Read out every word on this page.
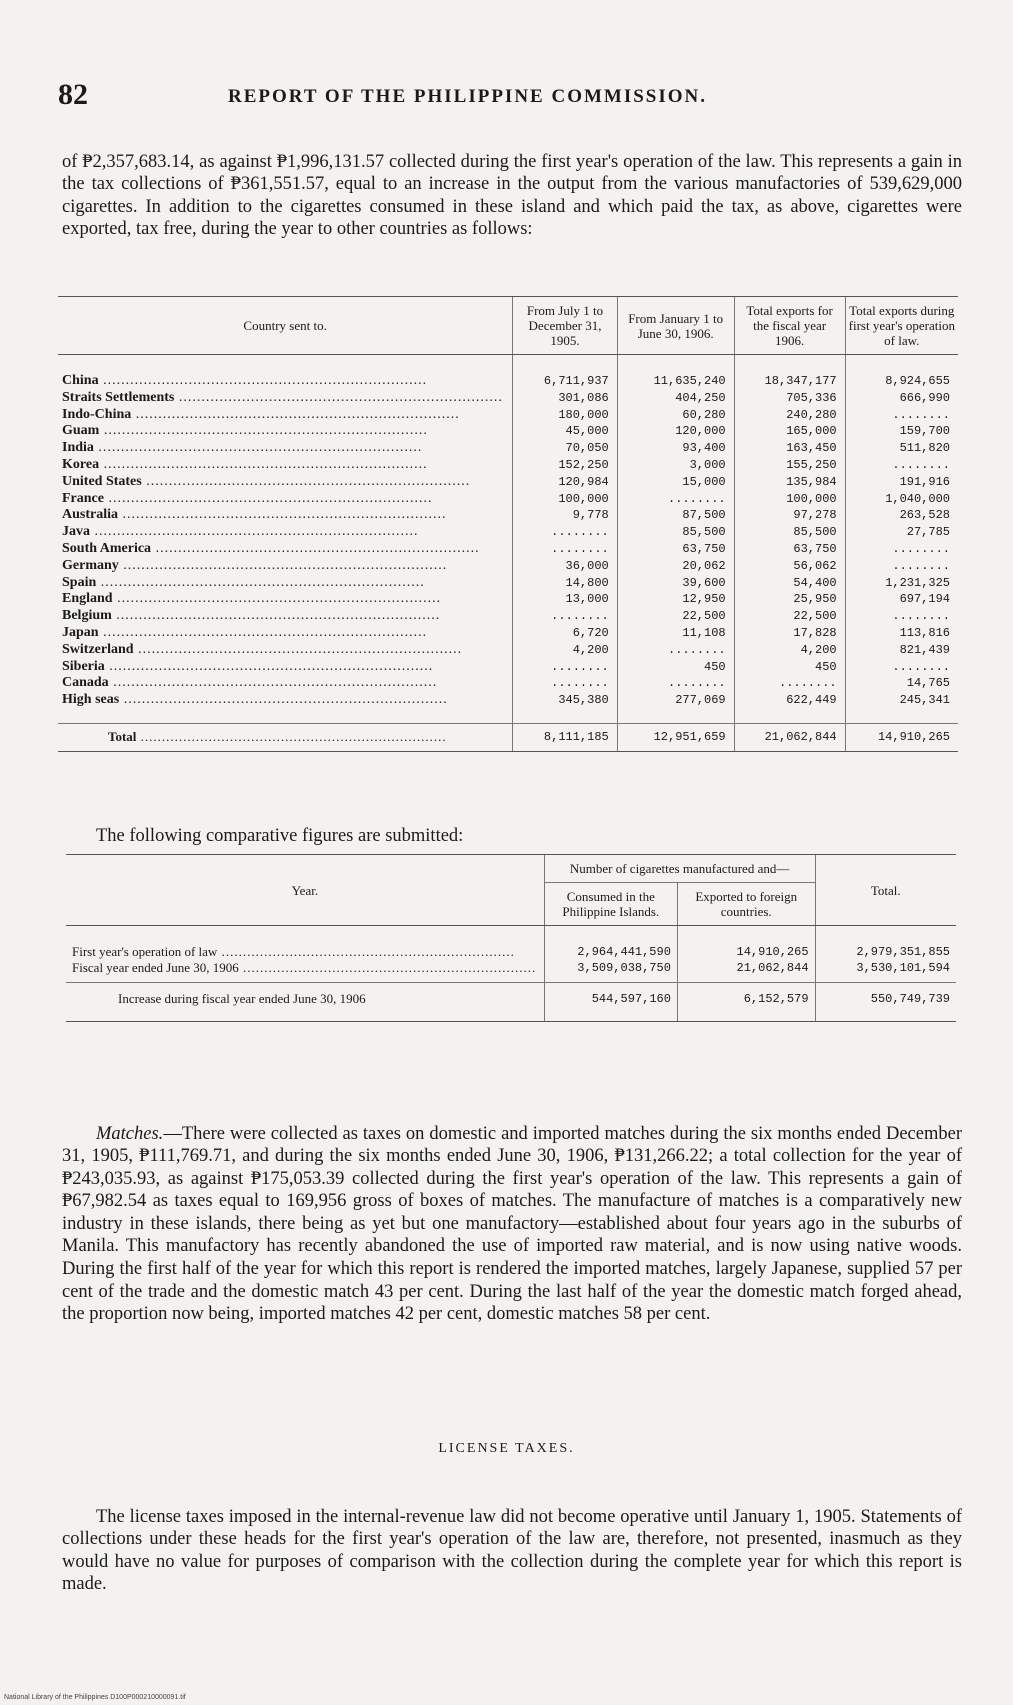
82	REPORT OF THE PHILIPPINE COMMISSION.

of ₱2,357,683.14, as against ₱1,996,131.57 collected during the first year's operation of the law. This represents a gain in the tax collections of ₱361,551.57, equal to an increase in the output from the various manufactories of 539,629,000 cigarettes. In addition to the cigarettes consumed in these island and which paid the tax, as above, cigarettes were exported, tax free, during the year to other countries as follows:

Country sent to.	From July 1 to December 31, 1905.	From January 1 to June 30, 1906.	Total exports for the fiscal year 1906.	Total exports during first year's operation of law.
China .....	6,711,937	11,635,240	18,347,177	8,924,655
Straits Settlements .....	301,086	404,250	705,336	666,990
Indo-China .....	180,000	60,280	240,280	........
Guam .....	45,000	120,000	165,000	159,700
India .....	70,050	93,400	163,450	511,820
Korea .....	152,250	3,000	155,250	........
United States .....	120,984	15,000	135,984	191,916
France .....	100,000	........	100,000	1,040,000
Australia .....	9,778	87,500	97,278	263,528
Java .....	........	85,500	85,500	27,785
South America .....	........	63,750	63,750	........
Germany .....	36,000	20,062	56,062	........
Spain .....	14,800	39,600	54,400	1,231,325
England .....	13,000	12,950	25,950	697,194
Belgium .....	........	22,500	22,500	........
Japan .....	6,720	11,108	17,828	113,816
Switzerland .....	4,200	........	4,200	821,439
Siberia .....	........	450	450	........
Canada .....	........	........	........	14,765
High seas .....	345,380	277,069	622,449	245,341
Total .....	8,111,185	12,951,659	21,062,844	14,910,265

The following comparative figures are submitted:

Year.	Number of cigarettes manufactured and—		Total.
	Consumed in the Philippine Islands.	Exported to foreign countries.	
First year's operation of law .....	2,964,441,590	14,910,265	2,979,351,855
Fiscal year ended June 30, 1906 .....	3,509,038,750	21,062,844	3,530,101,594
Increase during fiscal year ended June 30, 1906	544,597,160	6,152,579	550,749,739

Matches.—There were collected as taxes on domestic and imported matches during the six months ended December 31, 1905, ₱111,769.71, and during the six months ended June 30, 1906, ₱131,266.22; a total collection for the year of ₱243,035.93, as against ₱175,053.39 collected during the first year's operation of the law. This represents a gain of ₱67,982.54 as taxes equal to 169,956 gross of boxes of matches. The manufacture of matches is a comparatively new industry in these islands, there being as yet but one manufactory—established about four years ago in the suburbs of Manila. This manufactory has recently abandoned the use of imported raw material, and is now using native woods. During the first half of the year for which this report is rendered the imported matches, largely Japanese, supplied 57 per cent of the trade and the domestic match 43 per cent. During the last half of the year the domestic match forged ahead, the proportion now being, imported matches 42 per cent, domestic matches 58 per cent.

LICENSE TAXES.

The license taxes imposed in the internal-revenue law did not become operative until January 1, 1905. Statements of collections under these heads for the first year's operation of the law are, therefore, not presented, inasmuch as they would have no value for purposes of comparison with the collection during the complete year for which this report is made.

National Library of the Philippines D100P000210000091.tif
